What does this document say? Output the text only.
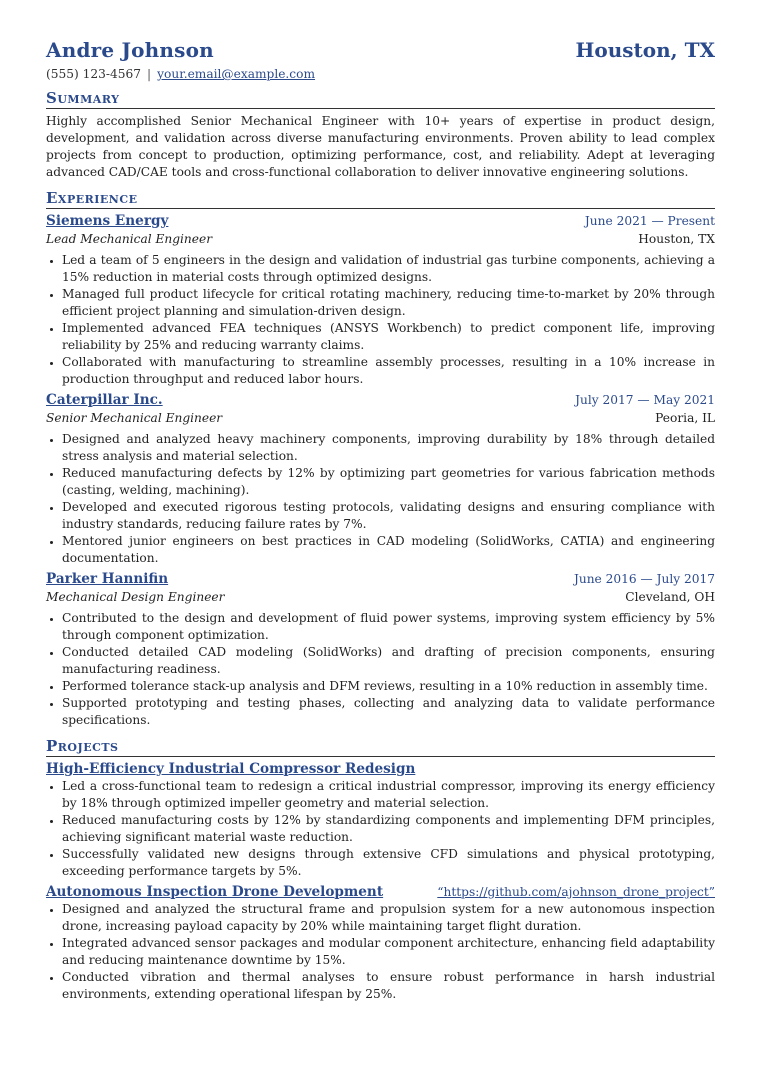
Andre Johnson	Houston, TX
(555) 123-4567 | your.email@example.com
Summary
Highly accomplished Senior Mechanical Engineer with 10+ years of expertise in product design, development, and validation across diverse manufacturing environments. Proven ability to lead complex projects from concept to production, optimizing performance, cost, and reliability. Adept at leveraging advanced CAD/CAE tools and cross-functional collaboration to deliver innovative engineering solutions.
Experience
Siemens Energy	June 2021 — Present
Lead Mechanical Engineer	Houston, TX
• Led a team of 5 engineers in the design and validation of industrial gas turbine components, achieving a 15% reduction in material costs through optimized designs.
• Managed full product lifecycle for critical rotating machinery, reducing time-to-market by 20% through efficient project planning and simulation-driven design.
• Implemented advanced FEA techniques (ANSYS Workbench) to predict component life, improving reliability by 25% and reducing warranty claims.
• Collaborated with manufacturing to streamline assembly processes, resulting in a 10% increase in production throughput and reduced labor hours.
Caterpillar Inc.	July 2017 — May 2021
Senior Mechanical Engineer	Peoria, IL
• Designed and analyzed heavy machinery components, improving durability by 18% through detailed stress analysis and material selection.
• Reduced manufacturing defects by 12% by optimizing part geometries for various fabrication methods (casting, welding, machining).
• Developed and executed rigorous testing protocols, validating designs and ensuring compliance with industry standards, reducing failure rates by 7%.
• Mentored junior engineers on best practices in CAD modeling (SolidWorks, CATIA) and engineering documentation.
Parker Hannifin	June 2016 — July 2017
Mechanical Design Engineer	Cleveland, OH
• Contributed to the design and development of fluid power systems, improving system efficiency by 5% through component optimization.
• Conducted detailed CAD modeling (SolidWorks) and drafting of precision components, ensuring manufacturing readiness.
• Performed tolerance stack-up analysis and DFM reviews, resulting in a 10% reduction in assembly time.
• Supported prototyping and testing phases, collecting and analyzing data to validate performance specifications.
Projects
High-Efficiency Industrial Compressor Redesign
• Led a cross-functional team to redesign a critical industrial compressor, improving its energy efficiency by 18% through optimized impeller geometry and material selection.
• Reduced manufacturing costs by 12% by standardizing components and implementing DFM principles, achieving significant material waste reduction.
• Successfully validated new designs through extensive CFD simulations and physical prototyping, exceeding performance targets by 5%.
Autonomous Inspection Drone Development	“https://github.com/ajohnson_drone_project”
• Designed and analyzed the structural frame and propulsion system for a new autonomous inspection drone, increasing payload capacity by 20% while maintaining target flight duration.
• Integrated advanced sensor packages and modular component architecture, enhancing field adaptability and reducing maintenance downtime by 15%.
• Conducted vibration and thermal analyses to ensure robust performance in harsh industrial environments, extending operational lifespan by 25%.
